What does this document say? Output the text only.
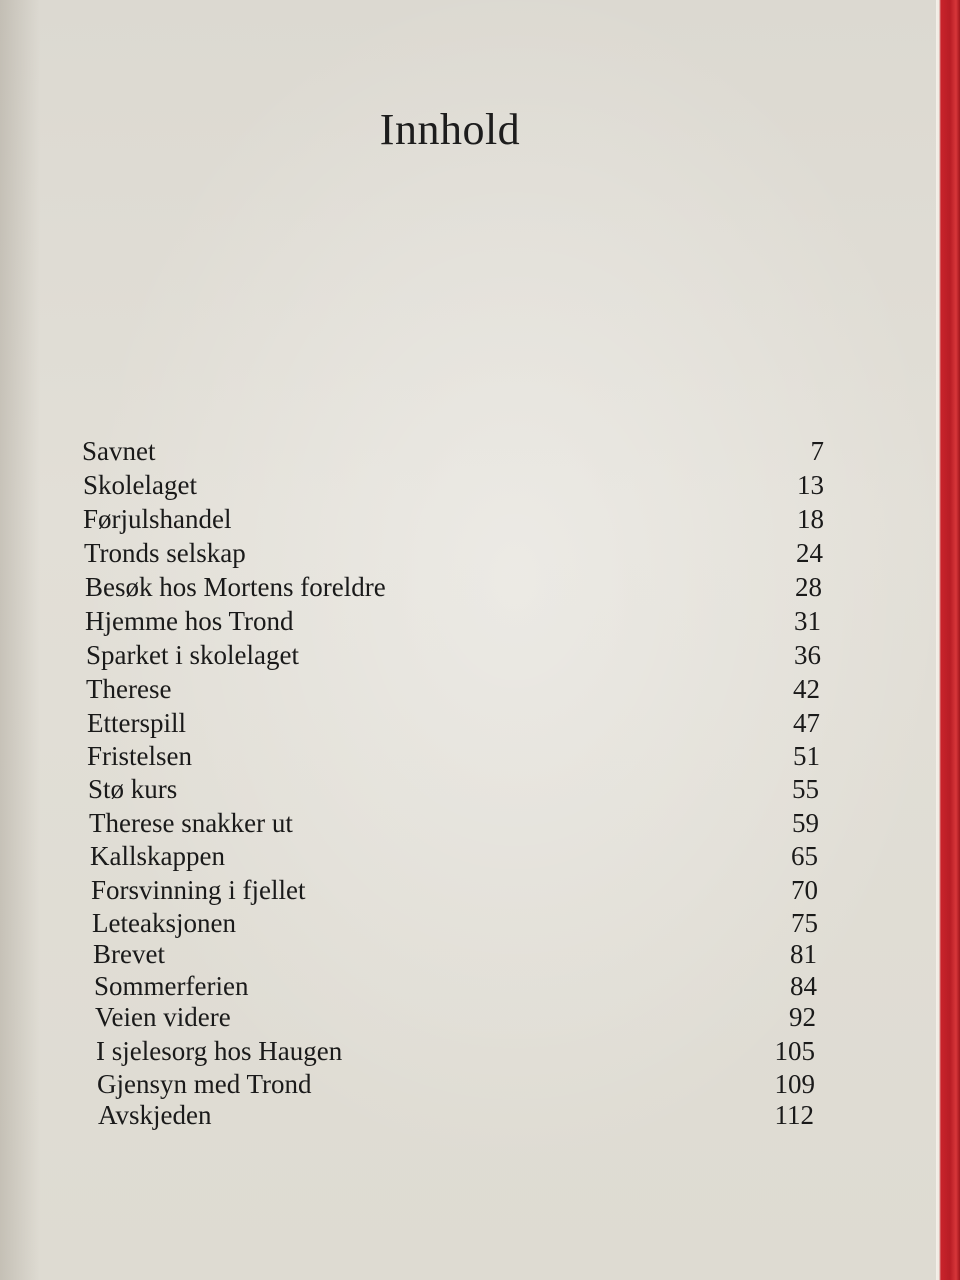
Innhold
Savnet	7
Skolelaget	13
Førjulshandel	18
Tronds selskap	24
Besøk hos Mortens foreldre	28
Hjemme hos Trond	31
Sparket i skolelaget	36
Therese	42
Etterspill	47
Fristelsen	51
Stø kurs	55
Therese snakker ut	59
Kallskappen	65
Forsvinning i fjellet	70
Leteaksjonen	75
Brevet	81
Sommerferien	84
Veien videre	92
I sjelesorg hos Haugen	105
Gjensyn med Trond	109
Avskjeden	112
